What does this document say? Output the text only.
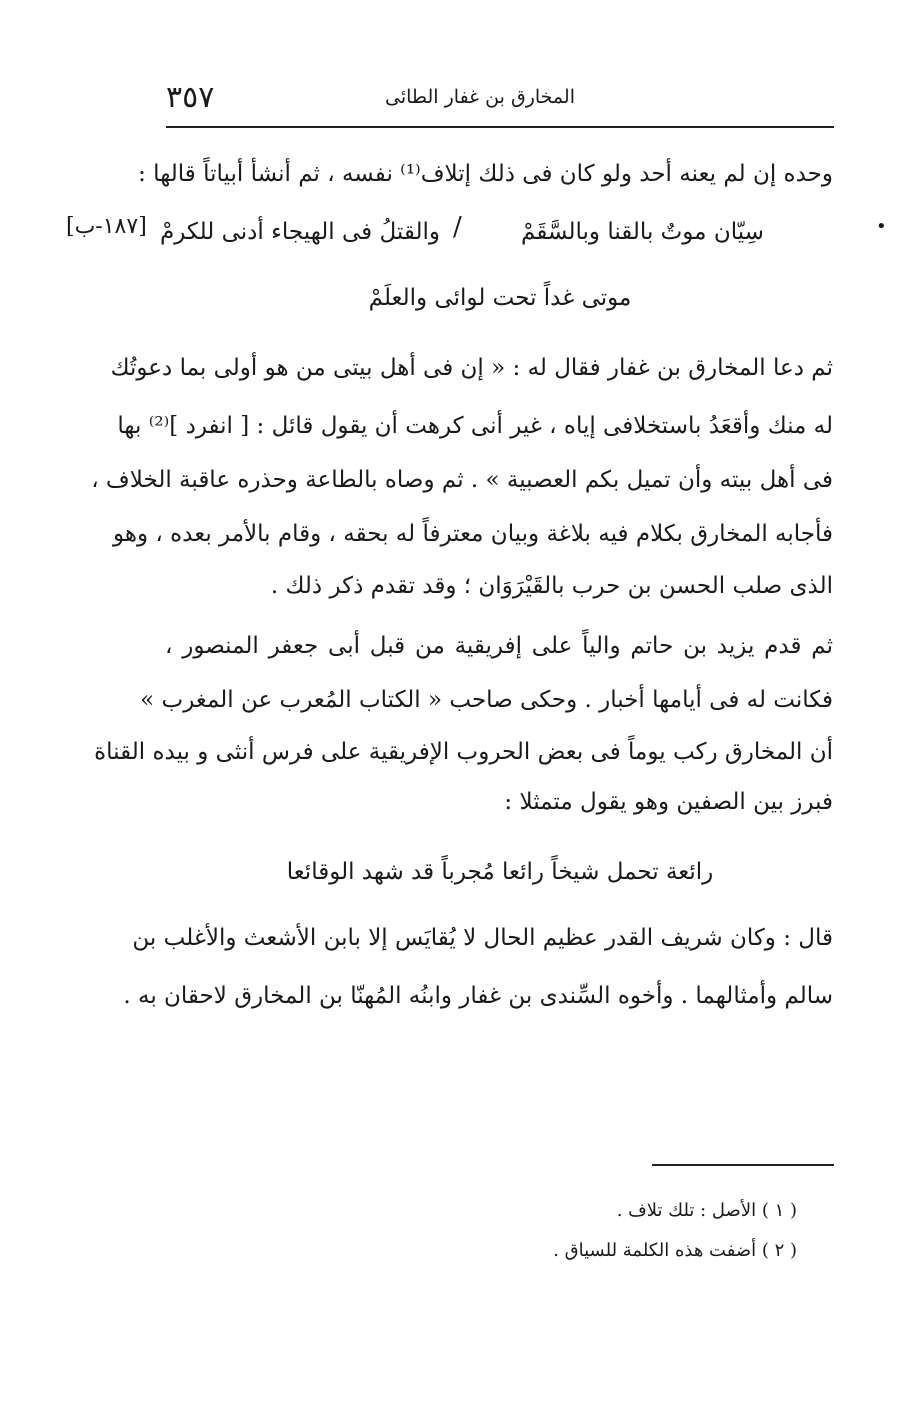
٣٥٧	المخارق بن غفار الطائى
وحده إن لم يعنه أحد ولو كان فى ذلك إتلاف⁽¹⁾ نفسه ، ثم أنشأ أبياتاً قالها :
•
سِيّان موتٌ بالقنا وبالسَّقَمْ
/
والقتلُ فى الهيجاء أدنى للكرمْ
[١٨٧-ب]
موتى غداً تحت لوائى والعلَمْ
ثم دعا المخارق بن غفار فقال له : « إن فى أهل بيتى من هو أولى بما دعوتُك
له منك وأقعَدُ باستخلافى إياه ، غير أنى كرهت أن يقول قائل : [ انفرد ]⁽²⁾ بها
فى أهل بيته وأن تميل بكم العصبية » . ثم وصاه بالطاعة وحذره عاقبة الخلاف ،
فأجابه المخارق بكلام فيه بلاغة وبيان معترفاً له بحقه ، وقام بالأمر بعده ، وهو
الذى صلب الحسن بن حرب بالقَيْرَوَان ؛ وقد تقدم ذكر ذلك .
ثم قدم يزيد بن حاتم والياً على إفريقية من قبل أبى جعفر المنصور ،
فكانت له فى أيامها أخبار . وحكى صاحب « الكتاب المُعرب عن المغرب »
أن المخارق ركب يوماً فى بعض الحروب الإفريقية على فرس أنثى و بيده القناة
فبرز بين الصفين وهو يقول متمثلا :
رائعة تحمل شيخاً رائعا مُجرباً قد شهد الوقائعا
قال : وكان شريف القدر عظيم الحال لا يُقايَس إلا بابن الأشعث والأغلب بن
سالم وأمثالهما . وأخوه السِّندى بن غفار وابنُه المُهنّا بن المخارق لاحقان به .
( ١ ) الأصل : تلك تلاف .
( ٢ ) أضفت هذه الكلمة للسياق .
